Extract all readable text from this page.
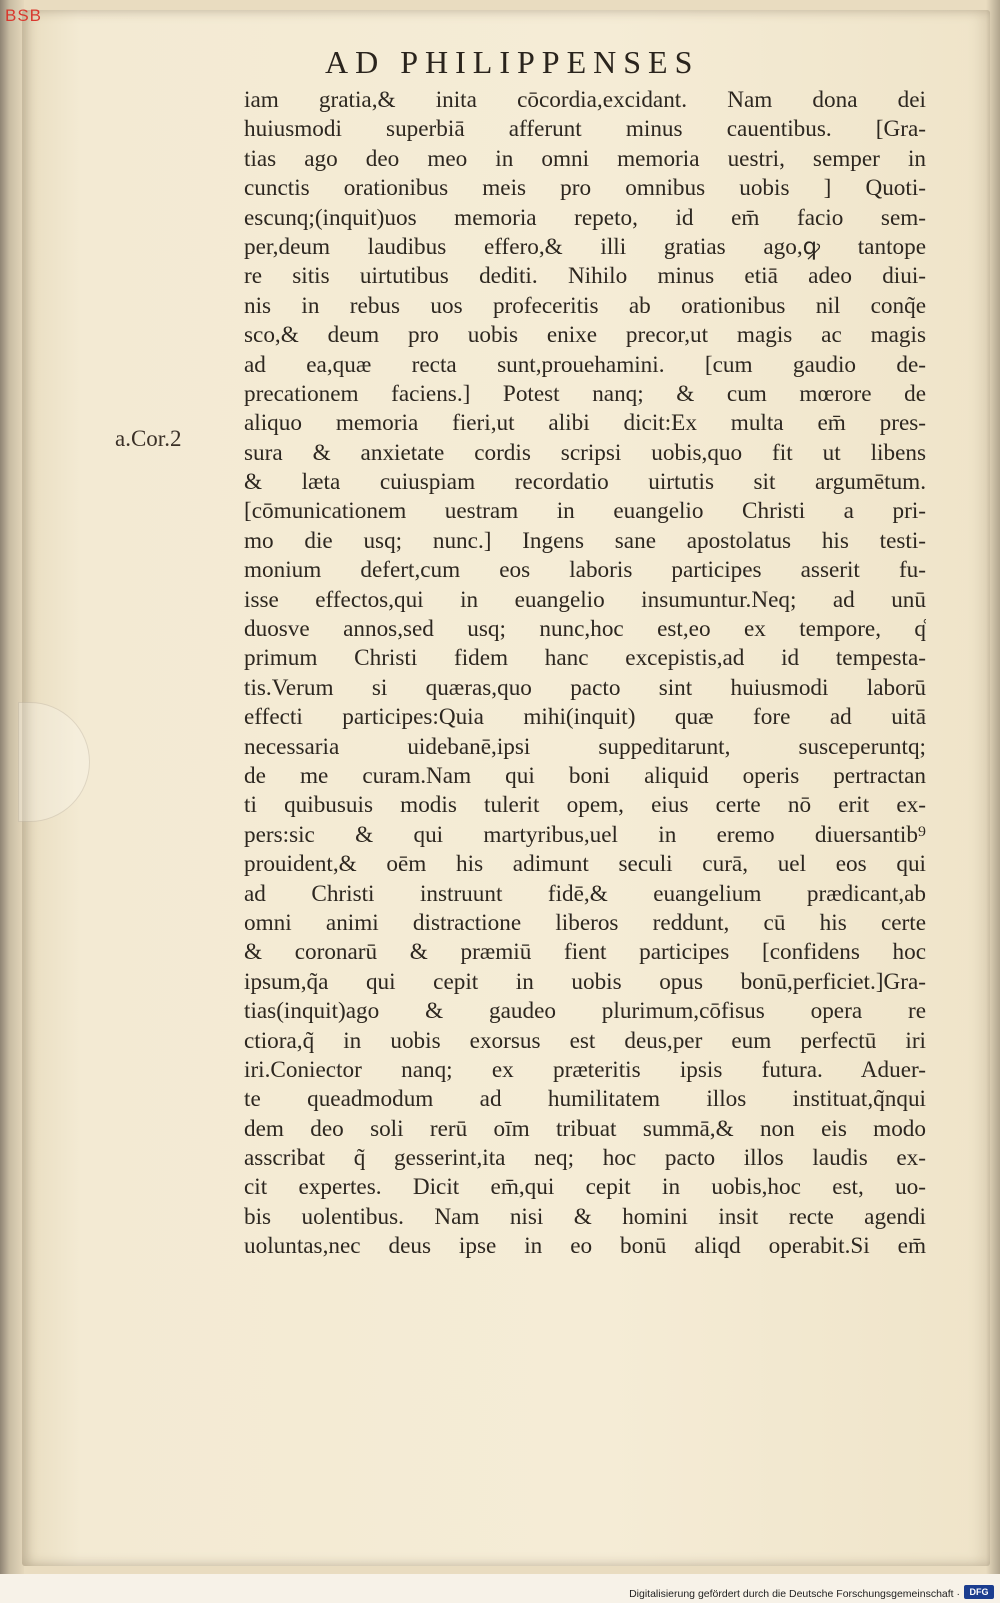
BSB
AD PHILIPPENSES
a.Cor.2
iam gratia,& inita cōcordia,excidant. Nam dona dei
huiusmodi superbiā afferunt minus cauentibus. [Gra-
tias ago deo meo in omni memoria uestri, semper in
cunctis orationibus meis pro omnibus uobis ] Quoti-
escunq;(inquit)uos memoria repeto, id em̄ facio sem-
per,deum laudibus effero,& illi gratias ago,ꝙ tantope
re sitis uirtutibus dediti. Nihilo minus etiā adeo diui-
nis in rebus uos profeceritis ab orationibus nil conq̃e
sco,& deum pro uobis enixe precor,ut magis ac magis
ad ea,quæ recta sunt,prouehamini. [cum gaudio de-
precationem faciens.] Potest nanq; & cum mœrore de
aliquo memoria fieri,ut alibi dicit:Ex multa em̄ pres-
sura & anxietate cordis scripsi uobis,quo fit ut libens
& læta cuiuspiam recordatio uirtutis sit argumētum.
[cōmunicationem uestram in euangelio Christi a pri-
mo die usq; nunc.] Ingens sane apostolatus his testi-
monium defert,cum eos laboris participes asserit fu-
isse effectos,qui in euangelio insumuntur.Neq; ad unū
duosve annos,sed usq; nunc,hoc est,eo ex tempore, q̊
primum Christi fidem hanc excepistis,ad id tempesta-
tis.Verum si quæras,quo pacto sint huiusmodi laborū
effecti participes:Quia mihi(inquit) quæ fore ad uitā
necessaria uidebanē,ipsi suppeditarunt, susceperuntq;
de me curam.Nam qui boni aliquid operis pertractan
ti quibusuis modis tulerit opem, eius certe nō erit ex-
pers:sic & qui martyribus,uel in eremo diuersantib⁹
prouident,& oēm his adimunt seculi curā, uel eos qui
ad Christi instruunt fidē,& euangelium prædicant,ab
omni animi distractione liberos reddunt, cū his certe
& coronarū & præmiū fient participes [confidens hoc
ipsum,q̃a qui cepit in uobis opus bonū,perficiet.]Gra-
tias(inquit)ago & gaudeo plurimum,cōfisus opera re
ctiora,q̃ in uobis exorsus est deus,per eum perfectū iri
iri.Coniector nanq; ex præteritis ipsis futura. Aduer-
te queadmodum ad humilitatem illos instituat,q̃nqui
dem deo soli rerū oīm tribuat summā,& non eis modo
asscribat q̃ gesserint,ita neq; hoc pacto illos laudis ex-
cit expertes. Dicit em̄,qui cepit in uobis,hoc est, uo-
bis uolentibus. Nam nisi & homini insit recte agendi
uoluntas,nec deus ipse in eo bonū aliqd operabit.Si em̄
Digitalisierung gefördert durch die Deutsche Forschungsgemeinschaft ·	DFG
